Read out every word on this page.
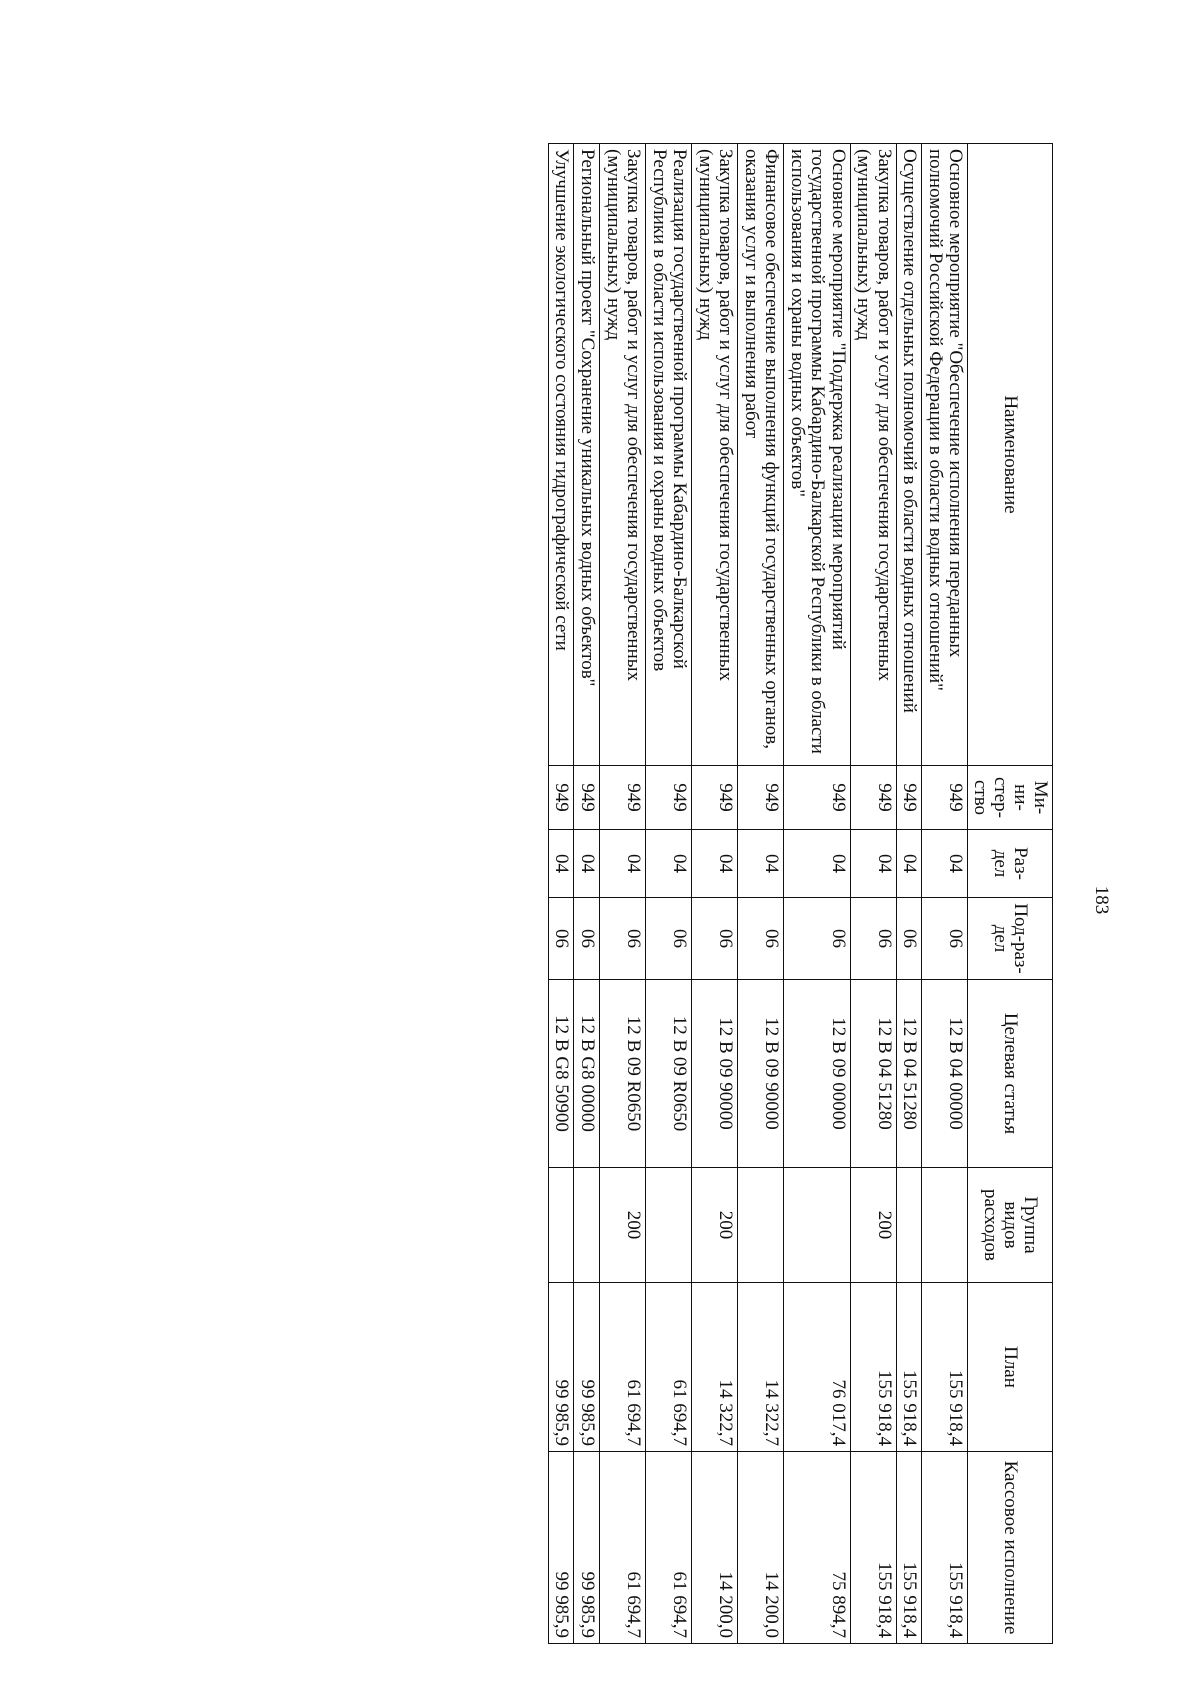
183
Наименование	Ми-ни-стер-ство	Раз-дел	Под-раз-дел	Целевая статья	Группа видов расходов	План	Кассовое исполнение
Основное мероприятие "Обеспечение исполнения переданных полномочий Российской Федерации в области водных отношений"	949	04	06	12 В 04 00000		155 918,4	155 918,4
Осуществление отдельных полномочий в области водных отношений	949	04	06	12 В 04 51280		155 918,4	155 918,4
Закупка товаров, работ и услуг для обеспечения государственных (муниципальных) нужд	949	04	06	12 В 04 51280	200	155 918,4	155 918,4
Основное мероприятие "Поддержка реализации мероприятий государственной программы Кабардино-Балкарской Республики в области использования и охраны водных объектов"	949	04	06	12 В 09 00000		76 017,4	75 894,7
Финансовое обеспечение выполнения функций государственных органов, оказания услуг и выполнения работ	949	04	06	12 В 09 90000		14 322,7	14 200,0
Закупка товаров, работ и услуг для обеспечения государственных (муниципальных) нужд	949	04	06	12 В 09 90000	200	14 322,7	14 200,0
Реализация государственной программы Кабардино-Балкарской Республики в области использования и охраны водных объектов	949	04	06	12 В 09 R0650		61 694,7	61 694,7
Закупка товаров, работ и услуг для обеспечения государственных (муниципальных) нужд	949	04	06	12 В 09 R0650	200	61 694,7	61 694,7
Региональный проект "Сохранение уникальных водных объектов"	949	04	06	12 В G8 00000		99 985,9	99 985,9
Улучшение экологического состояния гидрографической сети	949	04	06	12 В G8 50900		99 985,9	99 985,9
